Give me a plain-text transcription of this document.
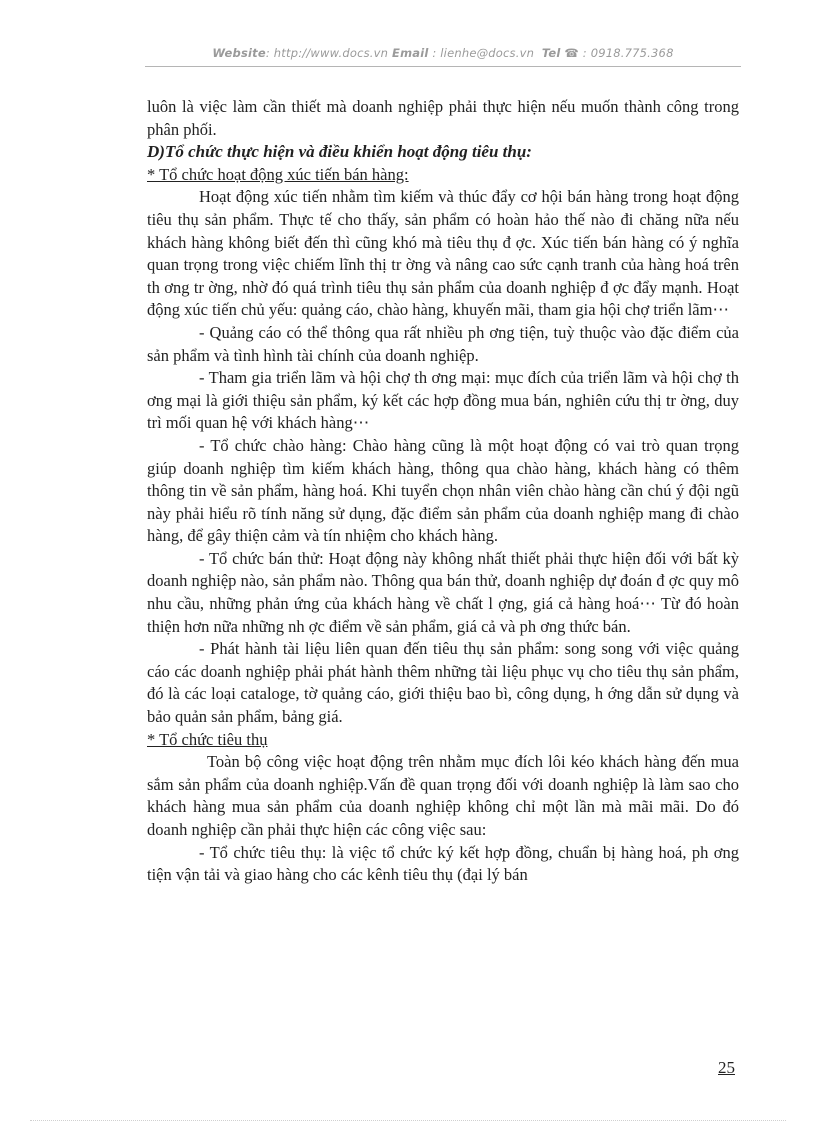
Website: http://www.docs.vn Email : lienhe@docs.vn Tel ☎ : 0918.775.368

luôn là việc làm cần thiết mà doanh nghiệp phải thực hiện nếu muốn thành công trong phân phối.

D)Tổ chức thực hiện và điều khiển hoạt động tiêu thụ:

* Tổ chức hoạt động xúc tiến bán hàng:

Hoạt động xúc tiến nhằm tìm kiếm và thúc đẩy cơ hội bán hàng trong hoạt động tiêu thụ sản phẩm. Thực tế cho thấy, sản phẩm có hoàn hảo thế nào đi chăng nữa nếu khách hàng không biết đến thì cũng khó mà tiêu thụ đ ợc. Xúc tiến bán hàng có ý nghĩa quan trọng trong việc chiếm lĩnh thị tr ờng và nâng cao sức cạnh tranh của hàng hoá trên th ơng tr ờng, nhờ đó quá trình tiêu thụ sản phẩm của doanh nghiệp đ ợc đẩy mạnh. Hoạt động xúc tiến chủ yếu: quảng cáo, chào hàng, khuyến mãi, tham gia hội chợ triển lãm⋯

- Quảng cáo có thể thông qua rất nhiều ph ơng tiện, tuỳ thuộc vào đặc điểm của sản phẩm và tình hình tài chính của doanh nghiệp.

- Tham gia triển lãm và hội chợ th ơng mại: mục đích của triển lãm và hội chợ th ơng mại là giới thiệu sản phẩm, ký kết các hợp đồng mua bán, nghiên cứu thị tr ờng, duy trì mối quan hệ với khách hàng⋯

- Tổ chức chào hàng: Chào hàng cũng là một hoạt động có vai trò quan trọng giúp doanh nghiệp tìm kiếm khách hàng, thông qua chào hàng, khách hàng có thêm thông tin về sản phẩm, hàng hoá. Khi tuyển chọn nhân viên chào hàng cần chú ý đội ngũ này phải hiểu rõ tính năng sử dụng, đặc điểm sản phẩm của doanh nghiệp mang đi chào hàng, để gây thiện cảm và tín nhiệm cho khách hàng.

- Tổ chức bán thử: Hoạt động này không nhất thiết phải thực hiện đối với bất kỳ doanh nghiệp nào, sản phẩm nào. Thông qua bán thử, doanh nghiệp dự đoán đ ợc quy mô nhu cầu, những phản ứng của khách hàng về chất l ợng, giá cả hàng hoá⋯ Từ đó hoàn thiện hơn nữa những nh ợc điểm về sản phẩm, giá cả và ph ơng thức bán.

- Phát hành tài liệu liên quan đến tiêu thụ sản phẩm: song song với việc quảng cáo các doanh nghiệp phải phát hành thêm những tài liệu phục vụ cho tiêu thụ sản phẩm, đó là các loại cataloge, tờ quảng cáo, giới thiệu bao bì, công dụng, h ớng dẫn sử dụng và bảo quản sản phẩm, bảng giá.

* Tổ chức tiêu thụ

Toàn bộ công việc hoạt động trên nhằm mục đích lôi kéo khách hàng đến mua sắm sản phẩm của doanh nghiệp.Vấn đề quan trọng đối với doanh nghiệp là làm sao cho khách hàng mua sản phẩm của doanh nghiệp không chỉ một lần mà mãi mãi. Do đó doanh nghiệp cần phải thực hiện các công việc sau:

- Tổ chức tiêu thụ: là việc tổ chức ký kết hợp đồng, chuẩn bị hàng hoá, ph ơng tiện vận tải và giao hàng cho các kênh tiêu thụ (đại lý bán

25
